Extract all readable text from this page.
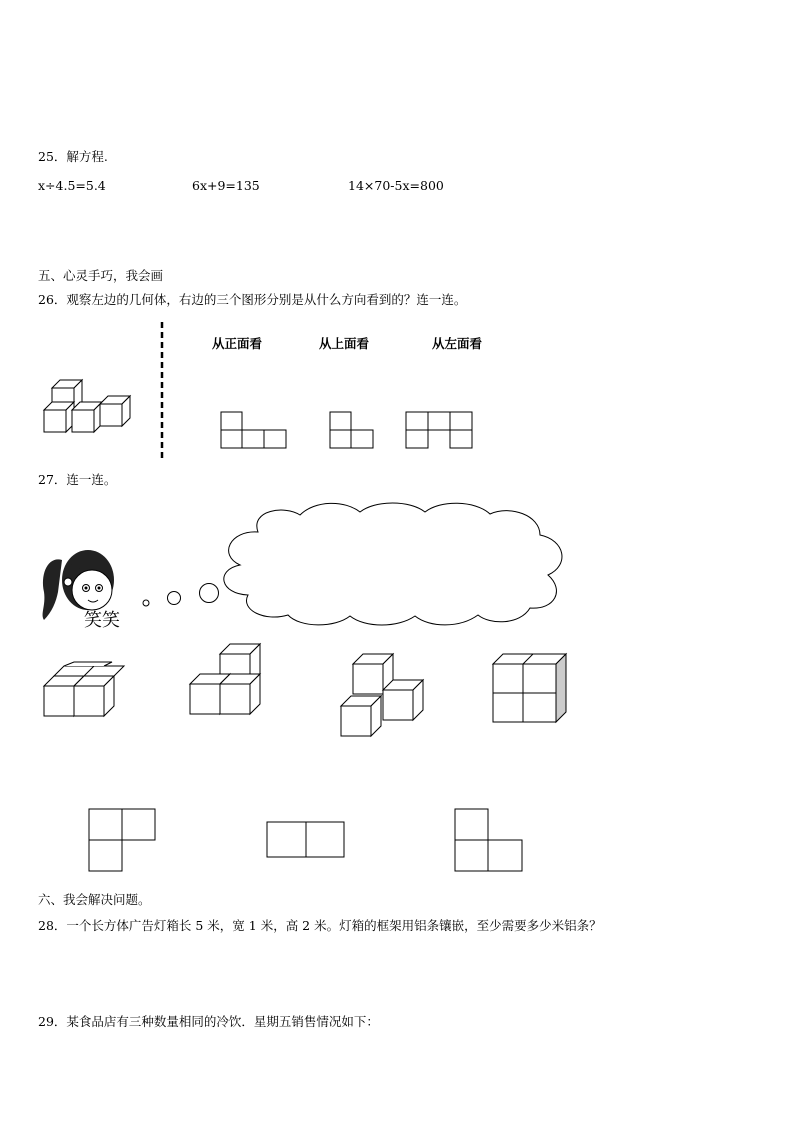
25．解方程.
x÷4.5=5.4	6x+9=135	14×70-5x=800
五、心灵手巧，我会画
26．观察左边的几何体，右边的三个图形分别是从什么方向看到的？连一连。
从正面看	从上面看	从左面看
27．连一连。
笑笑
六、我会解决问题。
28．一个长方体广告灯箱长 5 米，宽 1 米，高 2 米。灯箱的框架用铝条镶嵌，至少需要多少米铝条？
29．某食品店有三种数量相同的冷饮．星期五销售情况如下：
